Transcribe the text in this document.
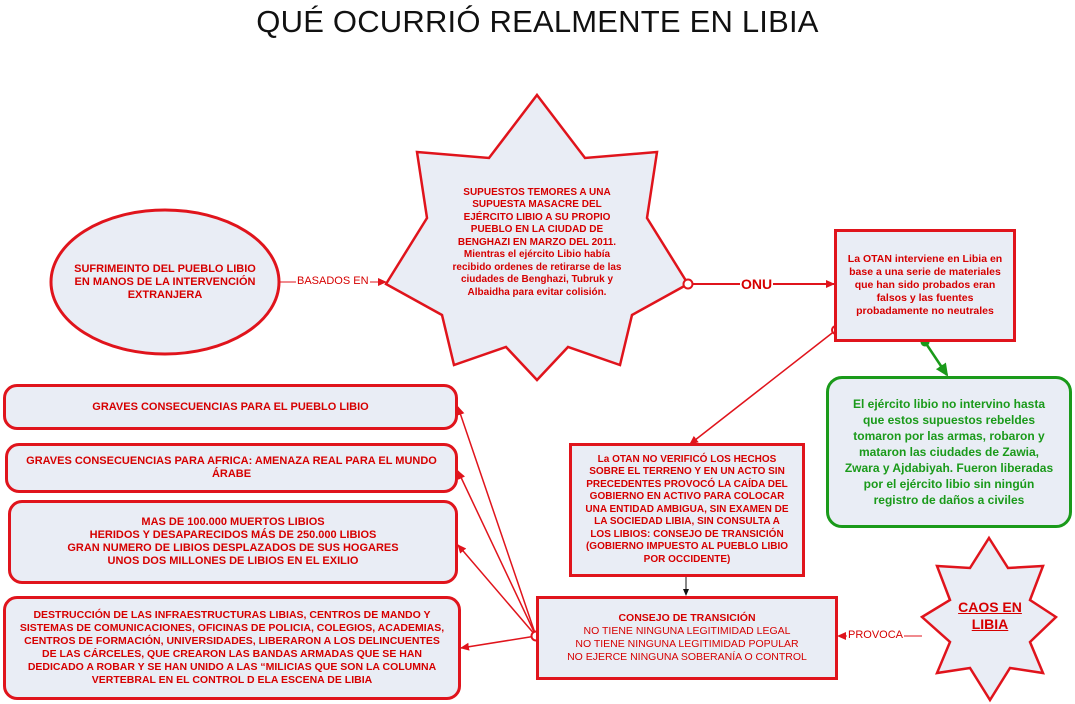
QUÉ OCURRIÓ REALMENTE EN LIBIA
BASADOS EN	ONU
PROVOCA
SUFRIMEINTO DEL PUEBLO LIBIO
EN MANOS DE LA INTERVENCIÓN
EXTRANJERA
SUPUESTOS TEMORES A UNA
SUPUESTA MASACRE DEL
EJÉRCITO LIBIO A SU PROPIO
PUEBLO EN LA CIUDAD DE
BENGHAZI EN MARZO DEL 2011.
Mientras el ejército Libio había
recibido ordenes de retirarse de las
ciudades de Benghazi, Tubruk y
Albaidha para evitar colisión.
La OTAN interviene en Libia en
base a una serie de materiales
que han sido probados eran
falsos y las fuentes
probadamente no neutrales
El ejército libio no intervino hasta
que estos supuestos rebeldes
tomaron por las armas, robaron y
mataron las ciudades de Zawia,
Zwara y Ajdabiyah. Fueron liberadas
por el ejército libio sin ningún
registro de daños a civiles
La OTAN NO VERIFICÓ LOS HECHOS
SOBRE EL TERRENO Y EN UN ACTO SIN
PRECEDENTES PROVOCÓ LA CAÍDA DEL
GOBIERNO EN ACTIVO PARA COLOCAR
UNA ENTIDAD AMBIGUA, SIN EXAMEN DE
LA SOCIEDAD LIBIA, SIN CONSULTA A
LOS LIBIOS: CONSEJO DE TRANSICIÓN
(GOBIERNO IMPUESTO AL PUEBLO LIBIO
POR OCCIDENTE)
CONSEJO DE TRANSICIÓN
NO TIENE NINGUNA LEGITIMIDAD LEGAL
NO TIENE NINGUNA LEGITIMIDAD POPULAR
NO EJERCE NINGUNA SOBERANÍA O CONTROL
CAOS EN
LIBIA
GRAVES CONSECUENCIAS PARA EL PUEBLO LIBIO
GRAVES CONSECUENCIAS PARA AFRICA: AMENAZA REAL PARA EL MUNDO
ÁRABE
MAS DE 100.000 MUERTOS LIBIOS
HERIDOS Y DESAPARECIDOS MÁS DE 250.000 LIBIOS
GRAN NUMERO DE LIBIOS DESPLAZADOS DE SUS HOGARES
UNOS DOS MILLONES DE LIBIOS EN EL EXILIO
DESTRUCCIÓN DE LAS INFRAESTRUCTURAS LIBIAS, CENTROS DE MANDO Y
SISTEMAS DE COMUNICACIONES, OFICINAS DE POLICIA, COLEGIOS, ACADEMIAS,
CENTROS DE FORMACIÓN, UNIVERSIDADES, LIBERARON A LOS DELINCUENTES
DE LAS CÁRCELES, QUE CREARON LAS BANDAS ARMADAS QUE SE HAN
DEDICADO A ROBAR Y SE HAN UNIDO A LAS “MILICIAS QUE SON LA COLUMNA
VERTEBRAL EN EL CONTROL D ELA ESCENA DE LIBIA
